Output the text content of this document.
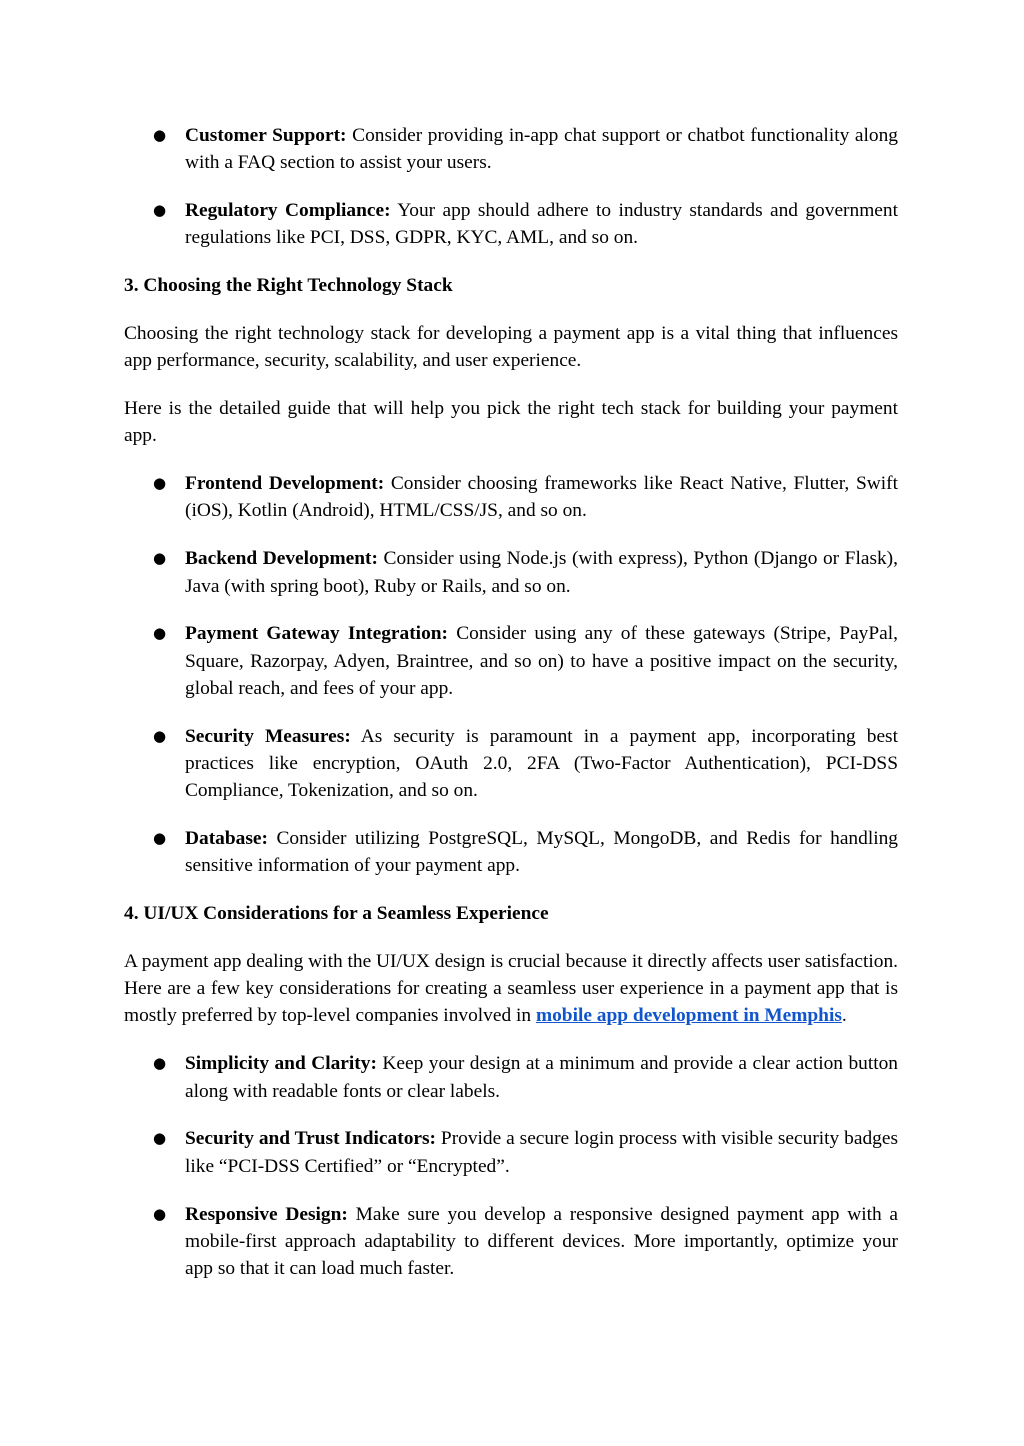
● Customer Support: Consider providing in-app chat support or chatbot functionality along with a FAQ section to assist your users.
● Regulatory Compliance: Your app should adhere to industry standards and government regulations like PCI, DSS, GDPR, KYC, AML, and so on.

3. Choosing the Right Technology Stack

Choosing the right technology stack for developing a payment app is a vital thing that influences app performance, security, scalability, and user experience.

Here is the detailed guide that will help you pick the right tech stack for building your payment app.

● Frontend Development: Consider choosing frameworks like React Native, Flutter, Swift (iOS), Kotlin (Android), HTML/CSS/JS, and so on.
● Backend Development: Consider using Node.js (with express), Python (Django or Flask), Java (with spring boot), Ruby or Rails, and so on.
● Payment Gateway Integration: Consider using any of these gateways (Stripe, PayPal, Square, Razorpay, Adyen, Braintree, and so on) to have a positive impact on the security, global reach, and fees of your app.
● Security Measures: As security is paramount in a payment app, incorporating best practices like encryption, OAuth 2.0, 2FA (Two-Factor Authentication), PCI-DSS Compliance, Tokenization, and so on.
● Database: Consider utilizing PostgreSQL, MySQL, MongoDB, and Redis for handling sensitive information of your payment app.

4. UI/UX Considerations for a Seamless Experience

A payment app dealing with the UI/UX design is crucial because it directly affects user satisfaction. Here are a few key considerations for creating a seamless user experience in a payment app that is mostly preferred by top-level companies involved in mobile app development in Memphis.

● Simplicity and Clarity: Keep your design at a minimum and provide a clear action button along with readable fonts or clear labels.
● Security and Trust Indicators: Provide a secure login process with visible security badges like “PCI-DSS Certified” or “Encrypted”.
● Responsive Design: Make sure you develop a responsive designed payment app with a mobile-first approach adaptability to different devices. More importantly, optimize your app so that it can load much faster.
